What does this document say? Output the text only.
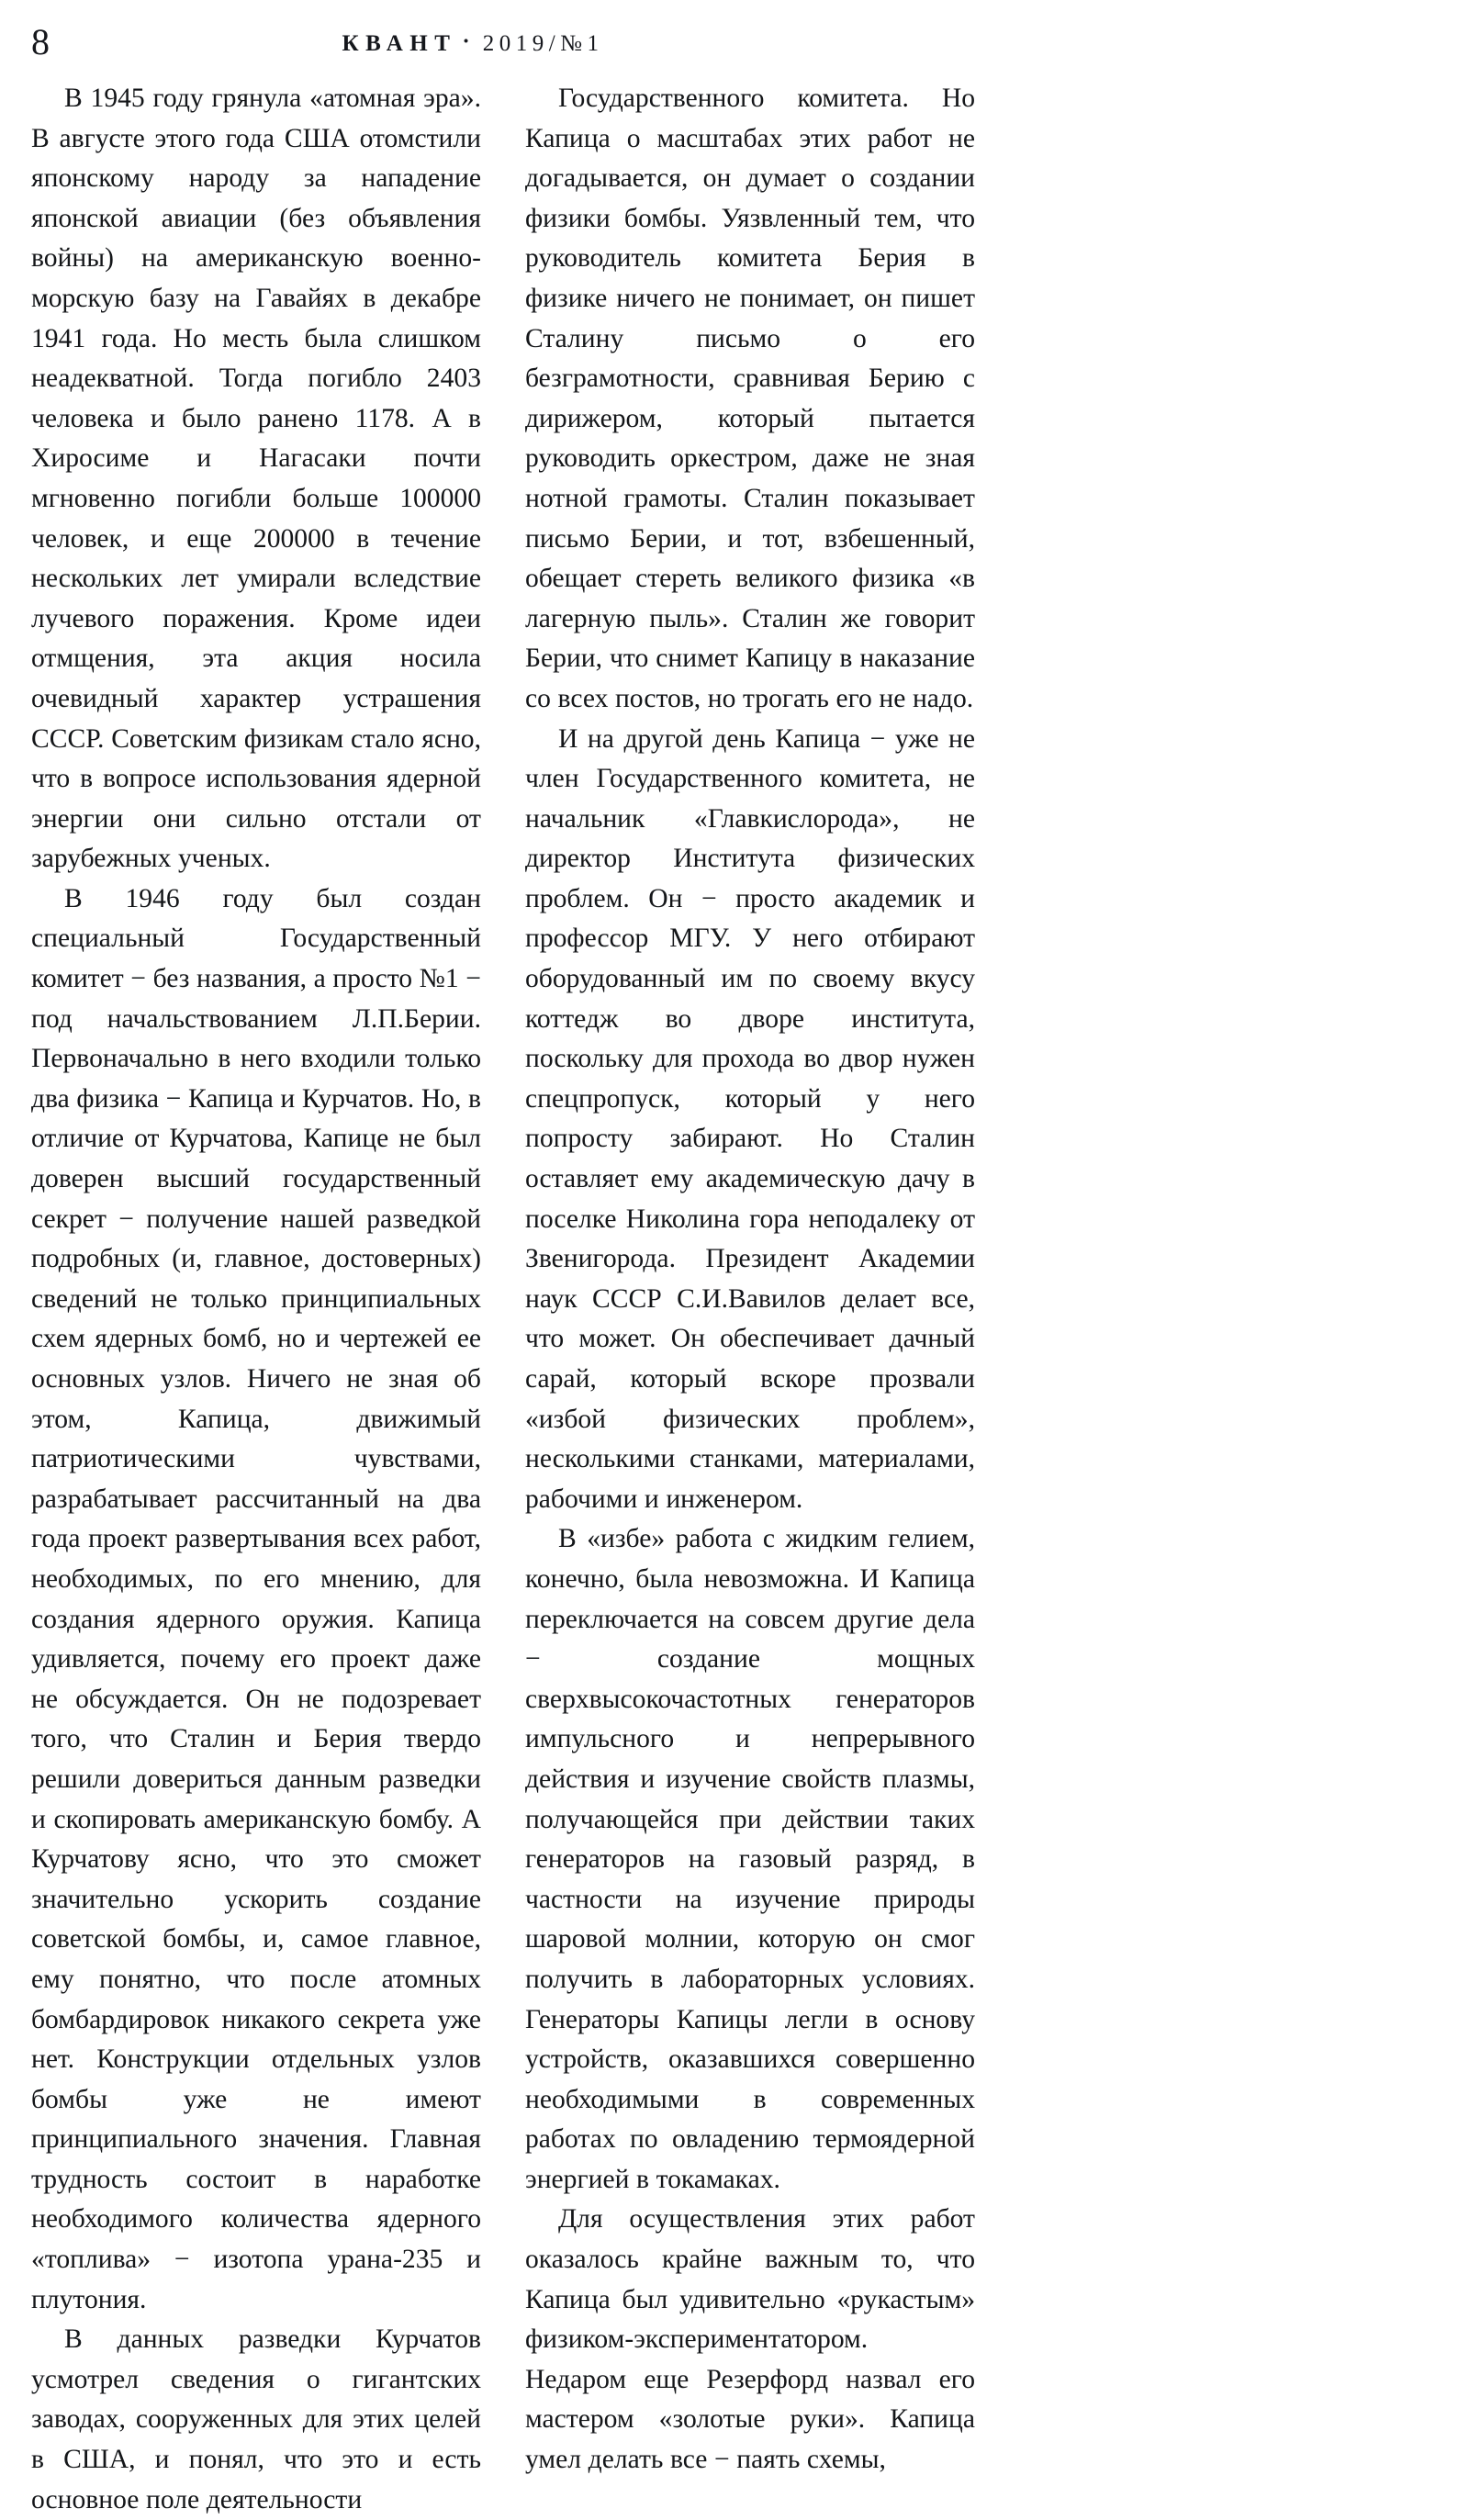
8	КВАНТ · 2019/№1

В 1945 году грянула «атомная эра». В августе этого года США отомстили японскому народу за нападение японской авиации (без объявления войны) на американскую военно-морскую базу на Гавайях в декабре 1941 года. Но месть была слишком неадекватной. Тогда погибло 2403 человека и было ранено 1178. А в Хиросиме и Нагасаки почти мгновенно погибли больше 100000 человек, и еще 200000 в течение нескольких лет умирали вследствие лучевого поражения. Кроме идеи отмщения, эта акция носила очевидный характер устрашения СССР. Советским физикам стало ясно, что в вопросе использования ядерной энергии они сильно отстали от зарубежных ученых.

В 1946 году был создан специальный Государственный комитет − без названия, а просто №1 − под начальствованием Л.П.Берии. Первоначально в него входили только два физика − Капица и Курчатов. Но, в отличие от Курчатова, Капице не был доверен высший государственный секрет − получение нашей разведкой подробных (и, главное, достоверных) сведений не только принципиальных схем ядерных бомб, но и чертежей ее основных узлов. Ничего не зная об этом, Капица, движимый патриотическими чувствами, разрабатывает рассчитанный на два года проект развертывания всех работ, необходимых, по его мнению, для создания ядерного оружия. Капица удивляется, почему его проект даже не обсуждается. Он не подозревает того, что Сталин и Берия твердо решили довериться данным разведки и скопировать американскую бомбу. А Курчатову ясно, что это сможет значительно ускорить создание советской бомбы, и, самое главное, ему понятно, что после атомных бомбардировок никакого секрета уже нет. Конструкции отдельных узлов бомбы уже не имеют принципиального значения. Главная трудность состоит в наработке необходимого количества ядерного «топлива» − изотопа урана-235 и плутония.

В данных разведки Курчатов усмотрел сведения о гигантских заводах, сооруженных для этих целей в США, и понял, что это и есть основное поле деятельности

Государственного комитета. Но Капица о масштабах этих работ не догадывается, он думает о создании физики бомбы. Уязвленный тем, что руководитель комитета Берия в физике ничего не понимает, он пишет Сталину письмо о его безграмотности, сравнивая Берию с дирижером, который пытается руководить оркестром, даже не зная нотной грамоты. Сталин показывает письмо Берии, и тот, взбешенный, обещает стереть великого физика «в лагерную пыль». Сталин же говорит Берии, что снимет Капицу в наказание со всех постов, но трогать его не надо.

И на другой день Капица − уже не член Государственного комитета, не начальник «Главкислорода», не директор Института физических проблем. Он − просто академик и профессор МГУ. У него отбирают оборудованный им по своему вкусу коттедж во дворе института, поскольку для прохода во двор нужен спецпропуск, который у него попросту забирают. Но Сталин оставляет ему академическую дачу в поселке Николина гора неподалеку от Звенигорода. Президент Академии наук СССР С.И.Вавилов делает все, что может. Он обеспечивает дачный сарай, который вскоре прозвали «избой физических проблем», несколькими станками, материалами, рабочими и инженером.

В «избе» работа с жидким гелием, конечно, была невозможна. И Капица переключается на совсем другие дела − создание мощных сверхвысокочастотных генераторов импульсного и непрерывного действия и изучение свойств плазмы, получающейся при действии таких генераторов на газовый разряд, в частности на изучение природы шаровой молнии, которую он смог получить в лабораторных условиях. Генераторы Капицы легли в основу устройств, оказавшихся совершенно необходимыми в современных работах по овладению термоядерной энергией в токамаках.

Для осуществления этих работ оказалось крайне важным то, что Капица был удивительно «рукастым» физиком-экспериментатором. Недаром еще Резерфорд назвал его мастером «золотые руки». Капица умел делать все − паять схемы,
